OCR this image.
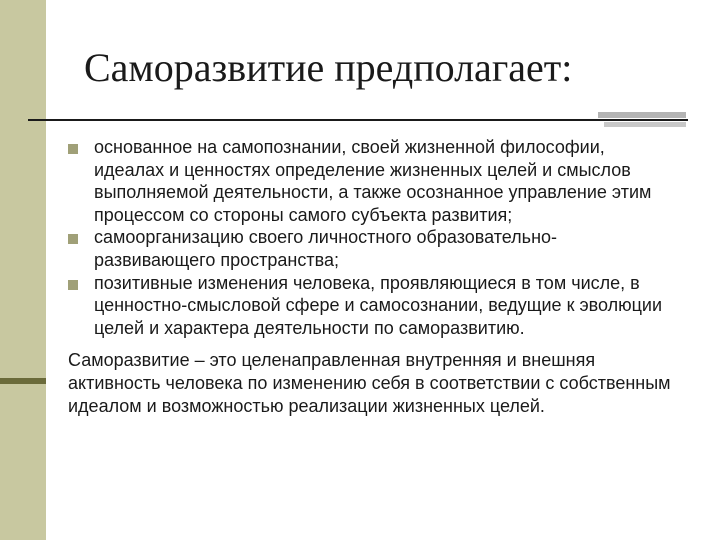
Саморазвитие предполагает:
основанное на самопознании, своей жизненной философии, идеалах и ценностях определение жизненных целей и смыслов выполняемой деятельности, а также осознанное управление этим процессом со стороны самого субъекта развития;
самоорганизацию своего личностного образовательно-развивающего пространства;
позитивные изменения человека, проявляющиеся в том числе, в ценностно-смысловой сфере и самосознании, ведущие к эволюции целей и характера деятельности по саморазвитию.

Саморазвитие – это целенаправленная внутренняя и внешняя активность человека по изменению себя в соответствии с собственным идеалом и возможностью реализации жизненных целей.
